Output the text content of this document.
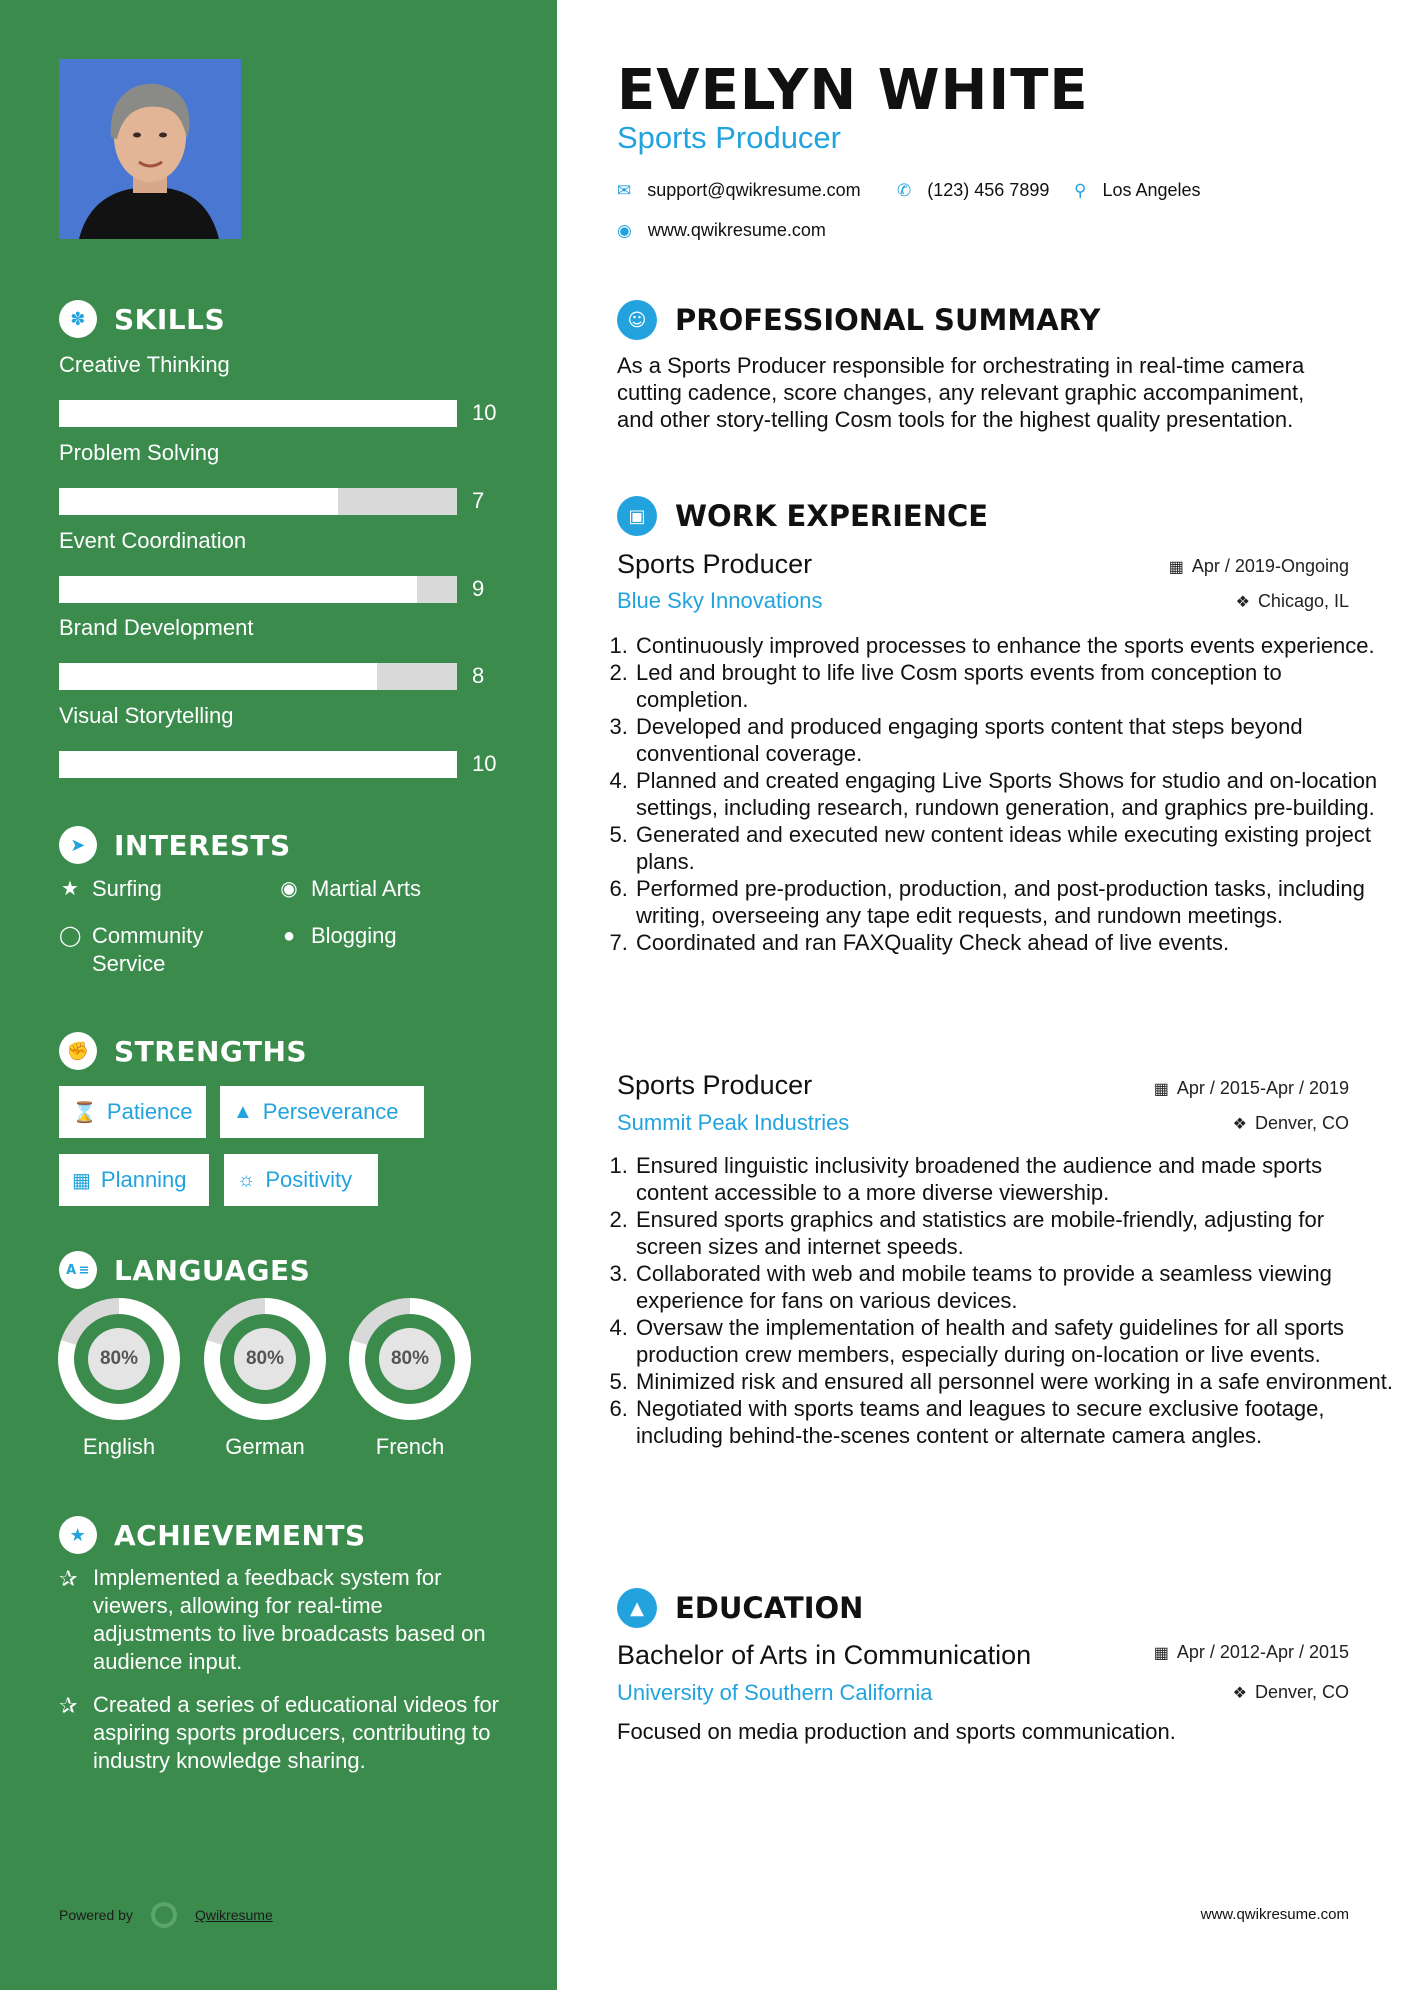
✽	SKILLS
Creative Thinking
10
Problem Solving
7
Event Coordination
9
Brand Development
8
Visual Storytelling
10
➤	INTERESTS
★ Surfing	◉ Martial Arts
◯ Community Service
● Blogging
✊ STRENGTHS
⌛ Patience ▲ Perseverance
▦ Planning	☼ Positivity
A ≡ LANGUAGES
80%
English
80%
German
80%
French
★ ACHIEVEMENTS
✰ Implemented a feedback system for viewers, allowing for real-time adjustments to live broadcasts based on audience input.
✰ Created a series of educational videos for aspiring sports producers, contributing to industry knowledge sharing.
Powered by	Qwikresume
EVELYN WHITE
Sports Producer
✉ support@qwikresume.com ✆ (123) 456 7899 ⚲ Los Angeles
◉ www.qwikresume.com
☺ PROFESSIONAL SUMMARY
As a Sports Producer responsible for orchestrating in real-time camera cutting cadence, score changes, any relevant graphic accompaniment, and other story-telling Cosm tools for the highest quality presentation.
▣	WORK EXPERIENCE
Sports Producer	▦ Apr / 2019-Ongoing
Blue Sky Innovations	❖ Chicago, IL
1. Continuously improved processes to enhance the sports events experience.
2. Led and brought to life live Cosm sports events from conception to completion.
3. Developed and produced engaging sports content that steps beyond conventional coverage.
4. Planned and created engaging Live Sports Shows for studio and on-location settings, including research, rundown generation, and graphics pre-building.
5. Generated and executed new content ideas while executing existing project plans.
6. Performed pre-production, production, and post-production tasks, including writing, overseeing any tape edit requests, and rundown meetings.
7. Coordinated and ran FAXQuality Check ahead of live events.
Sports Producer	▦ Apr / 2015-Apr / 2019
Summit Peak Industries	❖ Denver, CO
1. Ensured linguistic inclusivity broadened the audience and made sports content accessible to a more diverse viewership.
2. Ensured sports graphics and statistics are mobile-friendly, adjusting for screen sizes and internet speeds.
3. Collaborated with web and mobile teams to provide a seamless viewing experience for fans on various devices.
4. Oversaw the implementation of health and safety guidelines for all sports production crew members, especially during on-location or live events.
5. Minimized risk and ensured all personnel were working in a safe environment.
6. Negotiated with sports teams and leagues to secure exclusive footage, including behind-the-scenes content or alternate camera angles.
▲	EDUCATION
Bachelor of Arts in Communication	▦ Apr / 2012-Apr / 2015
University of Southern California	❖ Denver, CO
Focused on media production and sports communication.
www.qwikresume.com
